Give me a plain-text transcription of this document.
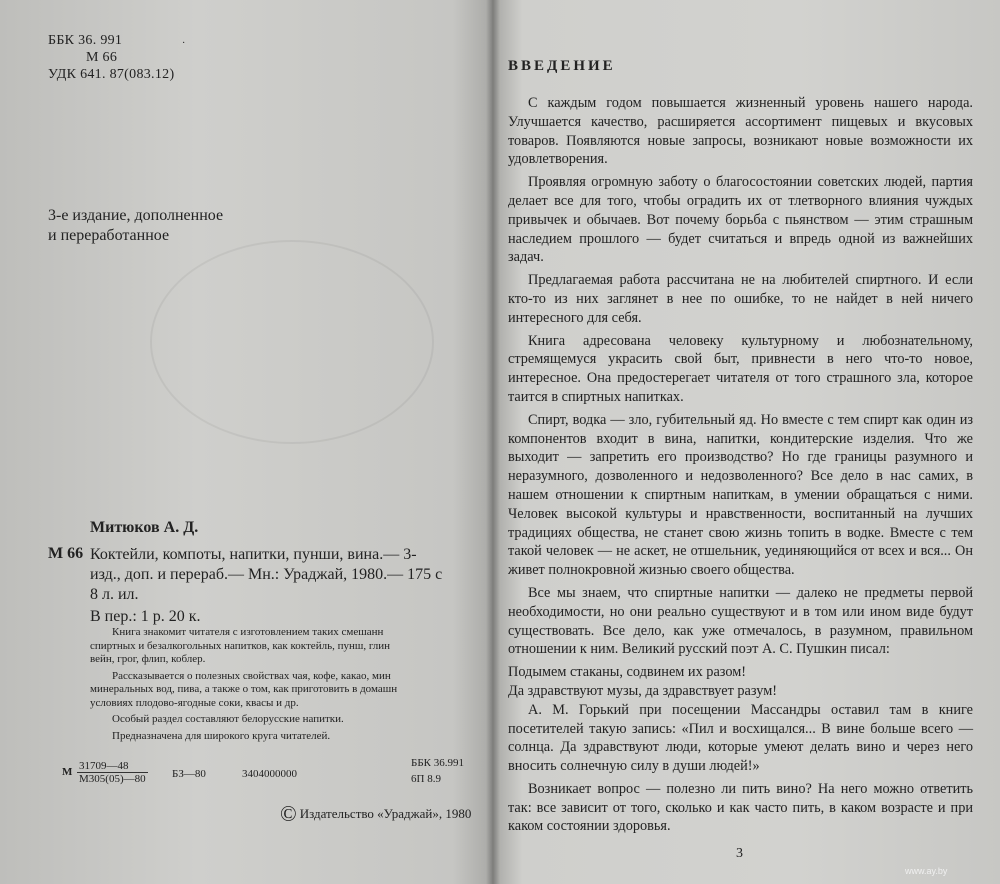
ББК 36. 991
М 66
УДК 641. 87(083.12)
·
3-е издание, дополненное
и переработанное
Митюков А. Д.
М 66 Коктейли, компоты, напитки, пунши, вина.— 3-
изд., доп. и перераб.— Мн.: Ураджай, 1980.— 175 с
8 л. ил.
В пер.: 1 р. 20 к.

Книга знакомит читателя с изготовлением таких смешанн
спиртных и безалкогольных напитков, как коктейль, пунш, глин
вейн, грог, флип, коблер.

Рассказывается о полезных свойствах чая, кофе, какао, мин
минеральных вод, пива, а также о том, как приготовить в домашн
условиях плодово-ягодные соки, квасы и др.

Особый раздел составляют белорусские напитки.

Предназначена для широкого круга читателей.

М 31709—48
М305(05)—80 БЗ—80	3404000000
ББК 36.991
6П 8.9
© Издательство «Ураджай», 1980
ВВЕДЕНИЕ

С каждым годом повышается жизненный уровень нашего народа. Улучшается качество, расширяется ассортимент пищевых и вкусовых товаров. Появляются новые запросы, возникают новые возможности их удовлетворения.

Проявляя огромную заботу о благосостоянии советских людей, партия делает все для того, чтобы оградить их от тлетворного влияния чуждых привычек и обычаев. Вот почему борьба с пьянством — этим страшным наследием прошлого — будет считаться и впредь одной из важнейших задач.

Предлагаемая работа рассчитана не на любителей спиртного. И если кто-то из них заглянет в нее по ошибке, то не найдет в ней ничего интересного для себя.

Книга адресована человеку культурному и любознательному, стремящемуся украсить свой быт, привнести в него что-то новое, интересное. Она предостерегает читателя от того страшного зла, которое таится в спиртных напитках.

Спирт, водка — зло, губительный яд. Но вместе с тем спирт как один из компонентов входит в вина, напитки, кондитерские изделия. Что же выходит — запретить его производство? Но где границы разумного и неразумного, дозволенного и недозволенного? Все дело в нас самих, в нашем отношении к спиртным напиткам, в умении обращаться с ними. Человек высокой культуры и нравственности, воспитанный на лучших традициях общества, не станет свою жизнь топить в водке. Вместе с тем такой человек — не аскет, не отшельник, уединяющийся от всех и вся... Он живет полнокровной жизнью своего общества.

Все мы знаем, что спиртные напитки — далеко не предметы первой необходимости, но они реально существуют и в том или ином виде будут существовать. Все дело, как уже отмечалось, в разумном, правильном отношении к ним. Великий русский поэт А. С. Пушкин писал:

Подымем стаканы, содвинем их разом!

Да здравствуют музы, да здравствует разум!

А. М. Горький при посещении Массандры оставил там в книге посетителей такую запись: «Пил и восхищался... В вине больше всего — солнца. Да здравствуют люди, которые умеют делать вино и через него вносить солнечную силу в души людей!»

Возникает вопрос — полезно ли пить вино? На него можно ответить так: все зависит от того, сколько и как часто пить, в каком возрасте и при каком состоянии здоровья.

3
www.ay.by
